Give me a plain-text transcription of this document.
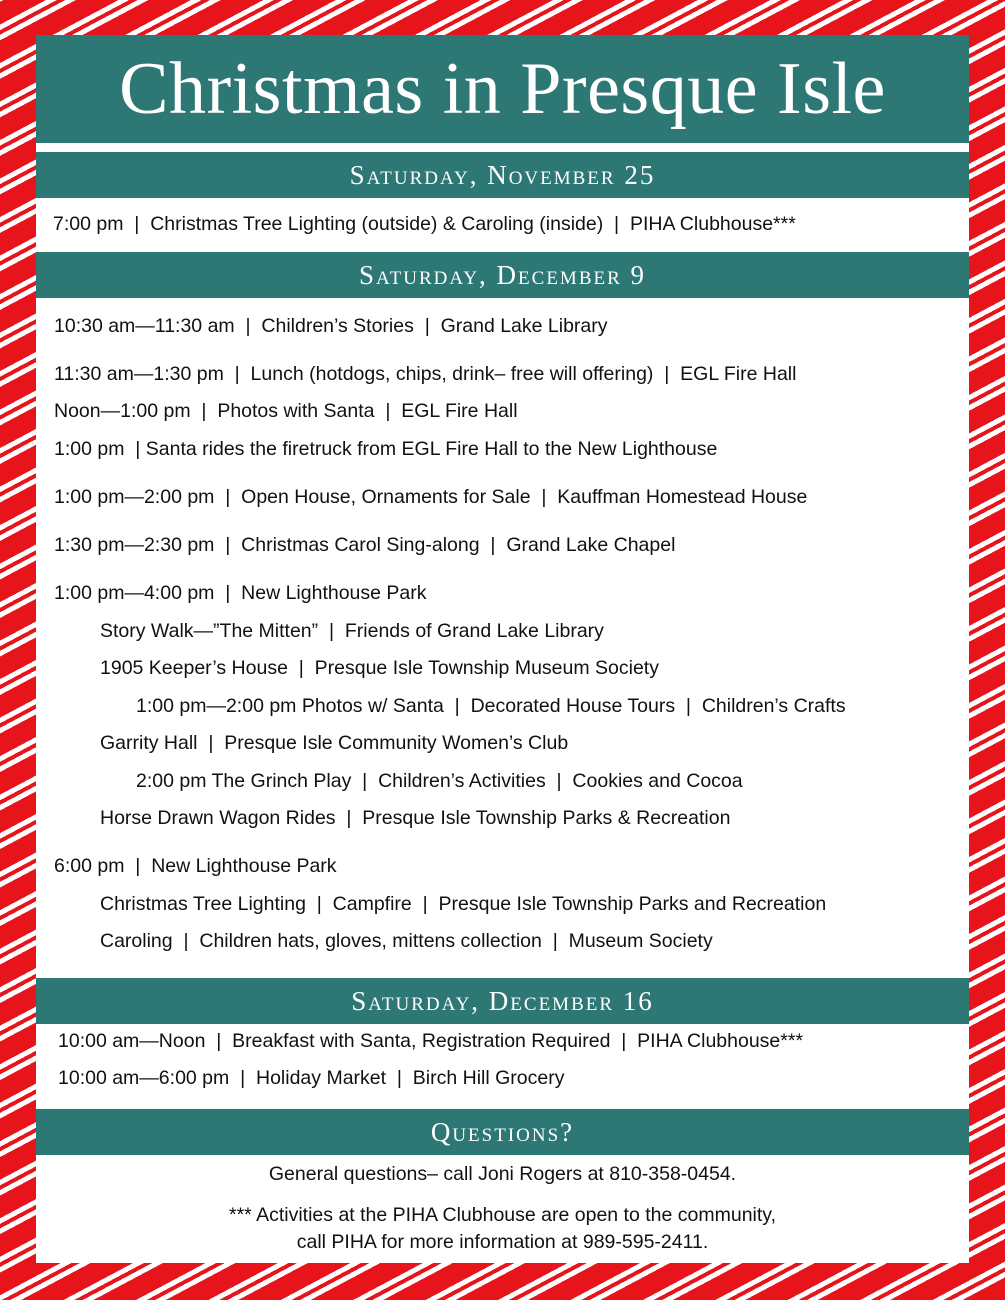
Christmas in Presque Isle
Saturday, November 25
7:00 pm  |  Christmas Tree Lighting (outside) & Caroling (inside)  |  PIHA Clubhouse***
Saturday, December 9
10:30 am—11:30 am  |  Children’s Stories  |  Grand Lake Library
11:30 am—1:30 pm  |  Lunch (hotdogs, chips, drink– free will offering)  |  EGL Fire Hall
Noon—1:00 pm  |  Photos with Santa  |  EGL Fire Hall
1:00 pm  | Santa rides the firetruck from EGL Fire Hall to the New Lighthouse
1:00 pm—2:00 pm  |  Open House, Ornaments for Sale  |  Kauffman Homestead House
1:30 pm—2:30 pm  |  Christmas Carol Sing-along  |  Grand Lake Chapel
1:00 pm—4:00 pm  |  New Lighthouse Park
Story Walk—”The Mitten”  |  Friends of Grand Lake Library
1905 Keeper’s House  |  Presque Isle Township Museum Society
1:00 pm—2:00 pm Photos w/ Santa  |  Decorated House Tours  |  Children’s Crafts
Garrity Hall  |  Presque Isle Community Women’s Club
2:00 pm The Grinch Play  |  Children’s Activities  |  Cookies and Cocoa
Horse Drawn Wagon Rides  |  Presque Isle Township Parks & Recreation
6:00 pm  |  New Lighthouse Park
Christmas Tree Lighting  |  Campfire  |  Presque Isle Township Parks and Recreation
Caroling  |  Children hats, gloves, mittens collection  |  Museum Society
Saturday, December 16
10:00 am—Noon  |  Breakfast with Santa, Registration Required  |  PIHA Clubhouse***
10:00 am—6:00 pm  |  Holiday Market  |  Birch Hill Grocery
Questions?
General questions– call Joni Rogers at 810-358-0454.
*** Activities at the PIHA Clubhouse are open to the community,
call PIHA for more information at 989-595-2411.
